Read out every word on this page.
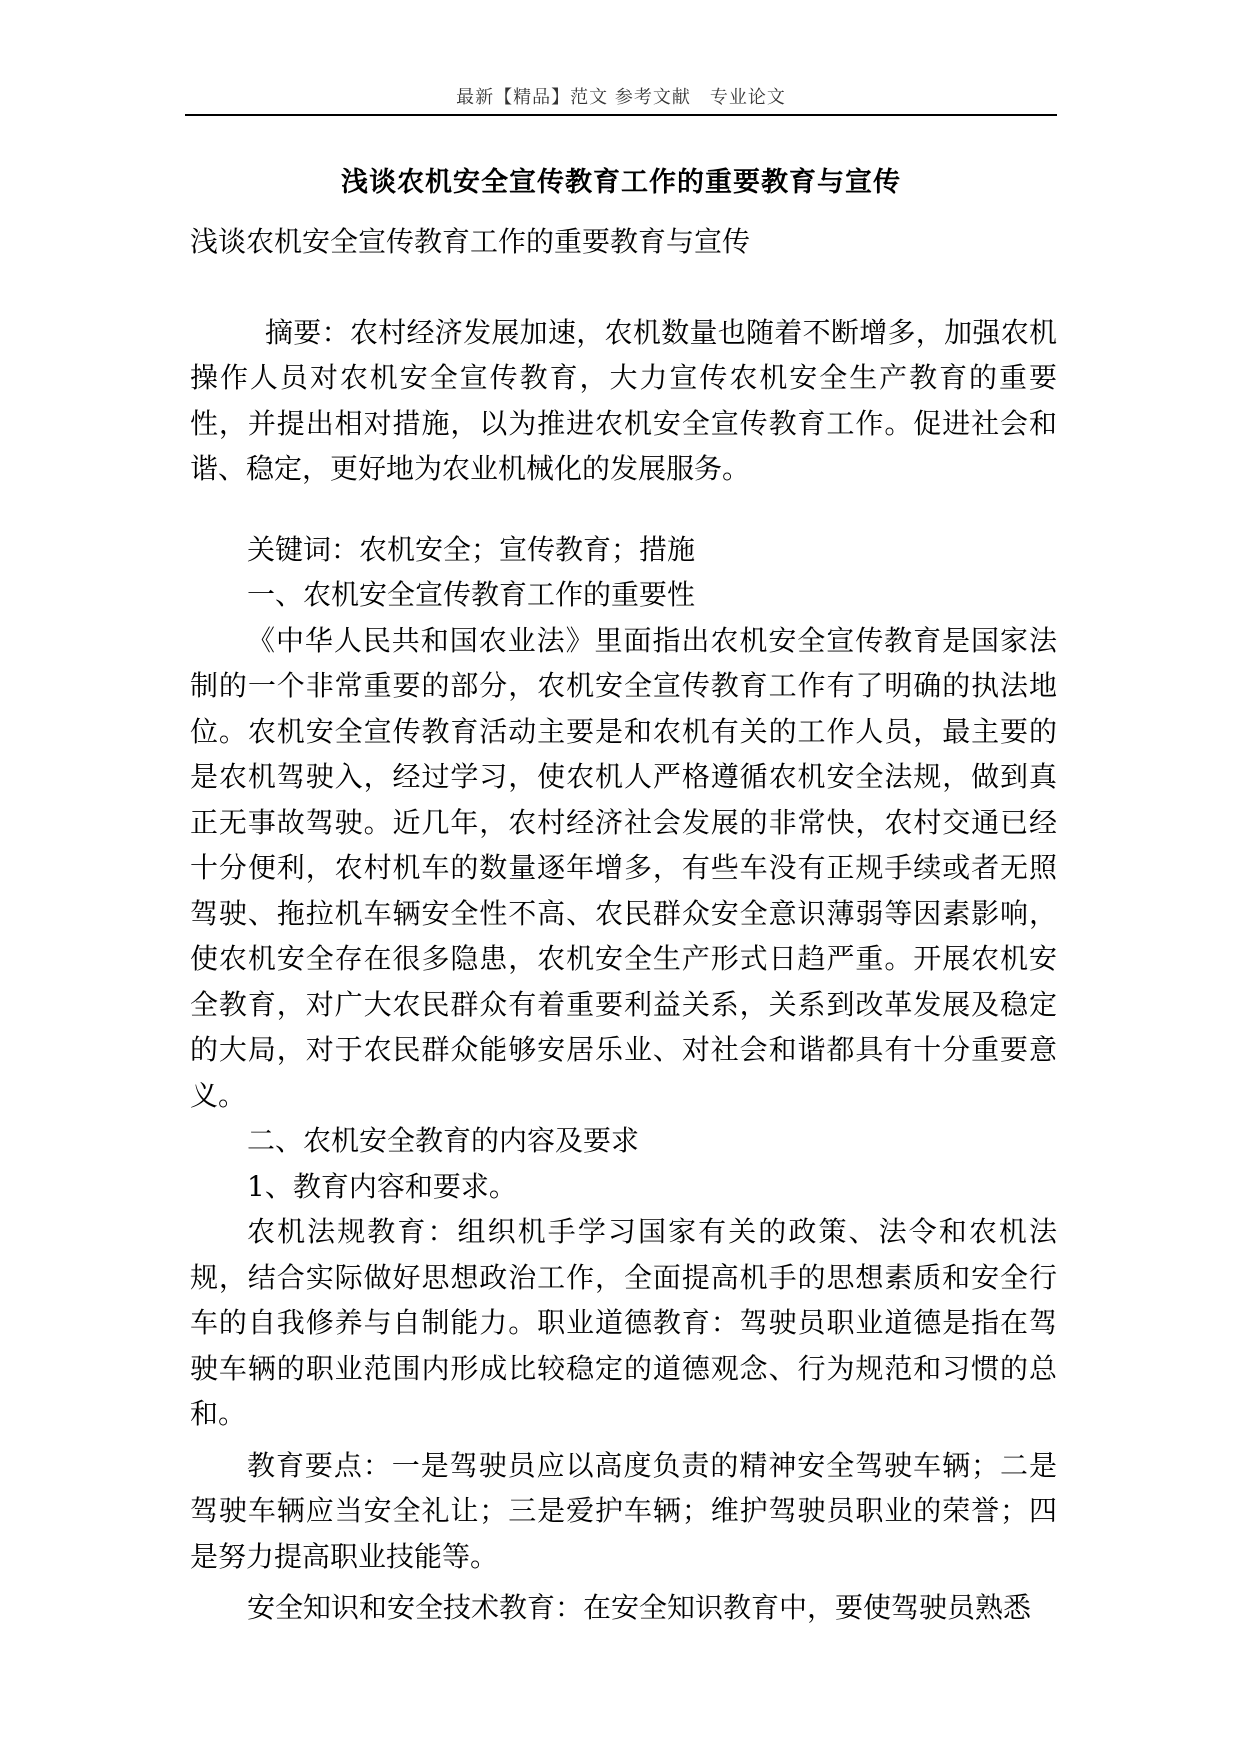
最新【精品】范文 参考文献　专业论文
浅谈农机安全宣传教育工作的重要教育与宣传

浅谈农机安全宣传教育工作的重要教育与宣传

摘要：农村经济发展加速，农机数量也随着不断增多，加强农机操作人员对农机安全宣传教育，大力宣传农机安全生产教育的重要性，并提出相对措施，以为推进农机安全宣传教育工作。促进社会和谐、稳定，更好地为农业机械化的发展服务。

关键词：农机安全；宣传教育；措施

一、农机安全宣传教育工作的重要性

《中华人民共和国农业法》里面指出农机安全宣传教育是国家法制的一个非常重要的部分，农机安全宣传教育工作有了明确的执法地位。农机安全宣传教育活动主要是和农机有关的工作人员，最主要的是农机驾驶入，经过学习，使农机人严格遵循农机安全法规，做到真正无事故驾驶。近几年，农村经济社会发展的非常快，农村交通已经十分便利，农村机车的数量逐年增多，有些车没有正规手续或者无照驾驶、拖拉机车辆安全性不高、农民群众安全意识薄弱等因素影响，使农机安全存在很多隐患，农机安全生产形式日趋严重。开展农机安全教育，对广大农民群众有着重要利益关系，关系到改革发展及稳定的大局，对于农民群众能够安居乐业、对社会和谐都具有十分重要意义。

二、农机安全教育的内容及要求

1、教育内容和要求。

农机法规教育：组织机手学习国家有关的政策、法令和农机法规，结合实际做好思想政治工作，全面提高机手的思想素质和安全行车的自我修养与自制能力。职业道德教育：驾驶员职业道德是指在驾驶车辆的职业范围内形成比较稳定的道德观念、行为规范和习惯的总和。

教育要点：一是驾驶员应以高度负责的精神安全驾驶车辆；二是驾驶车辆应当安全礼让；三是爱护车辆；维护驾驶员职业的荣誉；四是努力提高职业技能等。

安全知识和安全技术教育：在安全知识教育中，要使驾驶员熟悉
